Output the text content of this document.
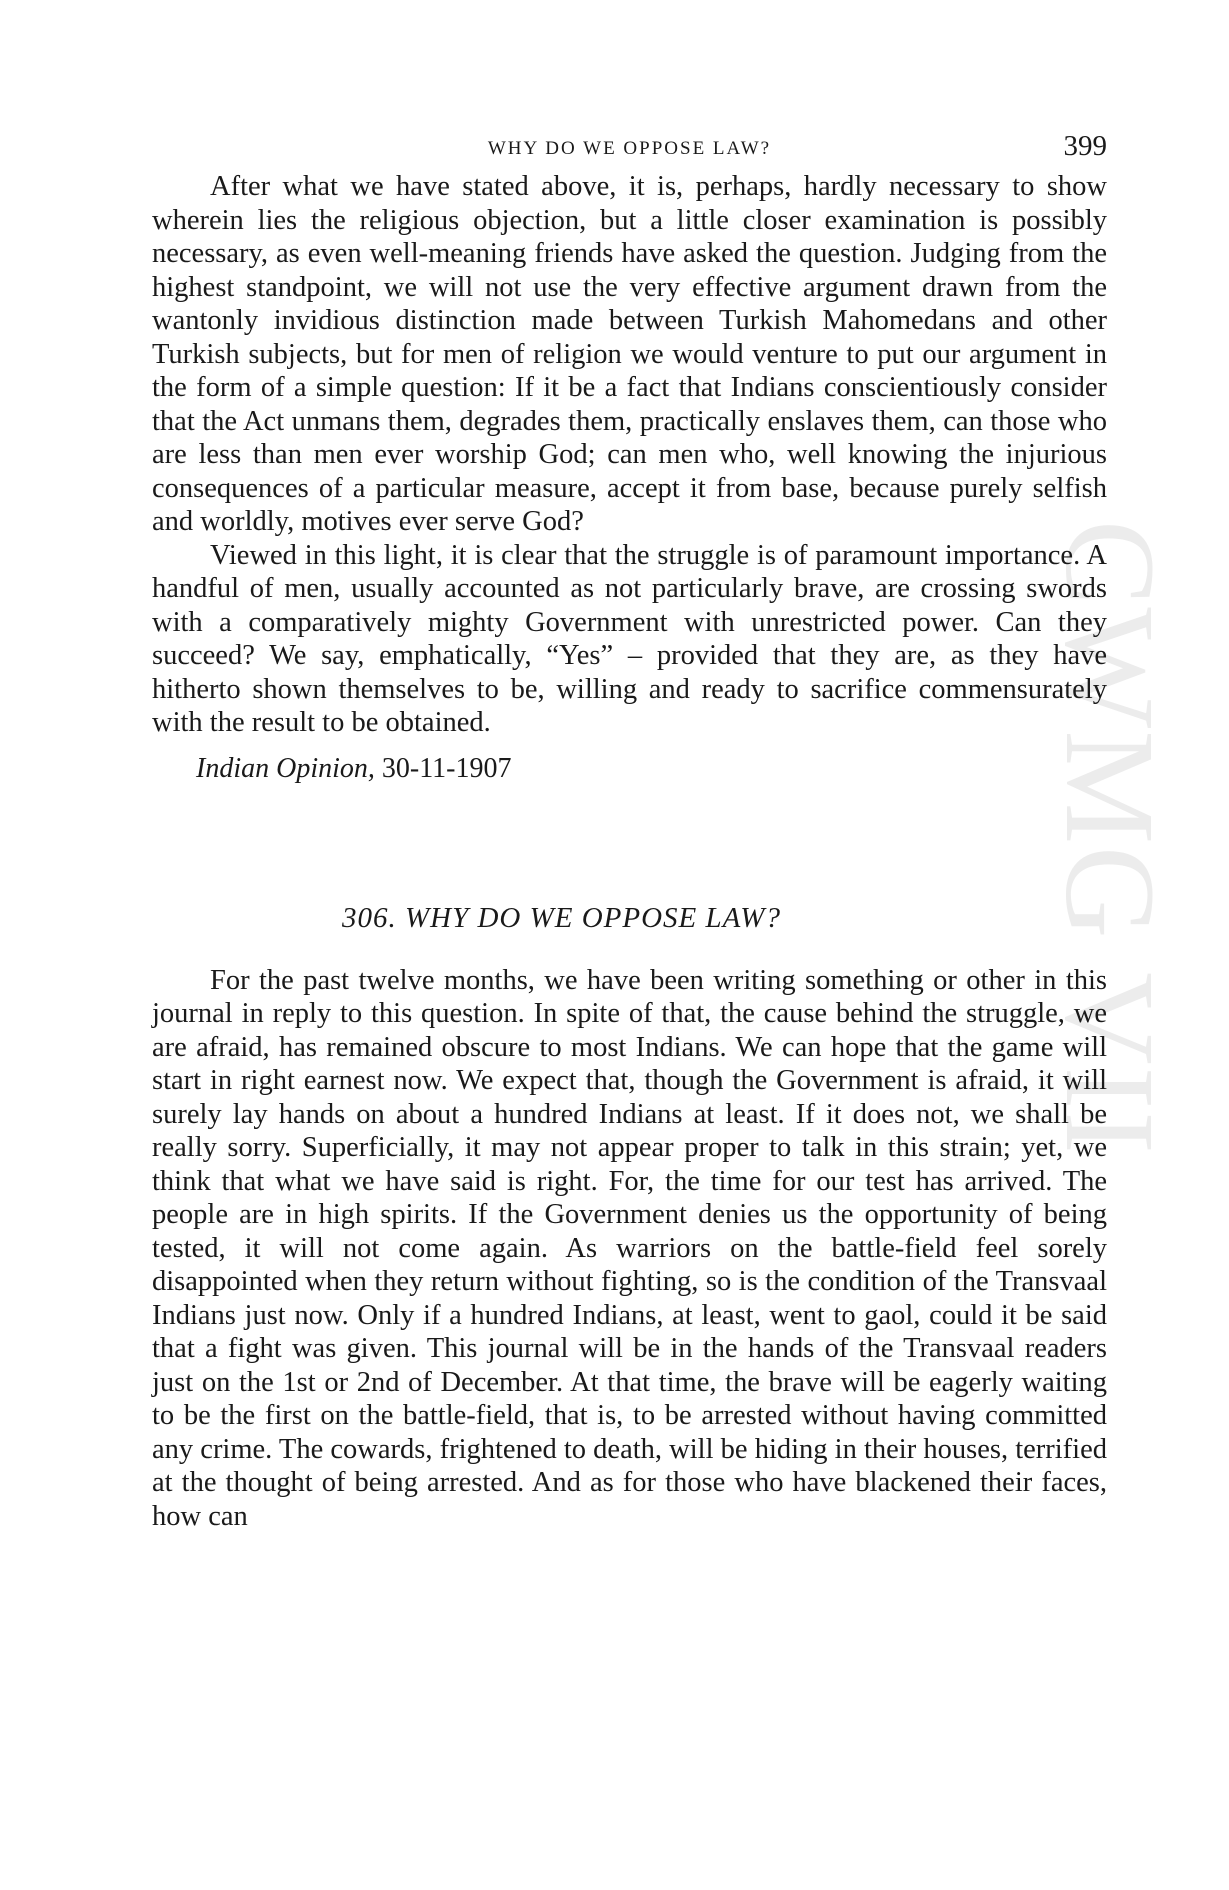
CWMG VII
WHY DO WE OPPOSE LAW?	399

After what we have stated above, it is, perhaps, hardly necessary to show wherein lies the religious objection, but a little closer examination is possibly necessary, as even well-meaning friends have asked the question. Judging from the highest standpoint, we will not use the very effective argument drawn from the wantonly invidious distinction made between Turkish Mahomedans and other Turkish subjects, but for men of religion we would venture to put our argument in the form of a simple question: If it be a fact that Indians conscientiously consider that the Act unmans them, degrades them, practically enslaves them, can those who are less than men ever worship God; can men who, well knowing the injurious consequences of a particular measure, accept it from base, because purely selfish and worldly, motives ever serve God?

Viewed in this light, it is clear that the struggle is of paramount importance. A handful of men, usually accounted as not particularly brave, are crossing swords with a comparatively mighty Government with unrestricted power. Can they succeed? We say, emphatically, “Yes” – provided that they are, as they have hitherto shown themselves to be, willing and ready to sacrifice commensurately with the result to be obtained.

Indian Opinion, 30-11-1907
306. WHY DO WE OPPOSE LAW?

For the past twelve months, we have been writing something or other in this journal in reply to this question. In spite of that, the cause behind the struggle, we are afraid, has remained obscure to most Indians. We can hope that the game will start in right earnest now. We expect that, though the Government is afraid, it will surely lay hands on about a hundred Indians at least. If it does not, we shall be really sorry. Superficially, it may not appear proper to talk in this strain; yet, we think that what we have said is right. For, the time for our test has arrived. The people are in high spirits. If the Government denies us the opportunity of being tested, it will not come again. As warriors on the battle-field feel sorely disappointed when they return without fighting, so is the condition of the Transvaal Indians just now. Only if a hundred Indians, at least, went to gaol, could it be said that a fight was given. This journal will be in the hands of the Transvaal readers just on the 1st or 2nd of December. At that time, the brave will be eagerly waiting to be the first on the battle-field, that is, to be arrested without having committed any crime. The cowards, frightened to death, will be hiding in their houses, terrified at the thought of being arrested. And as for those who have blackened their faces, how can
